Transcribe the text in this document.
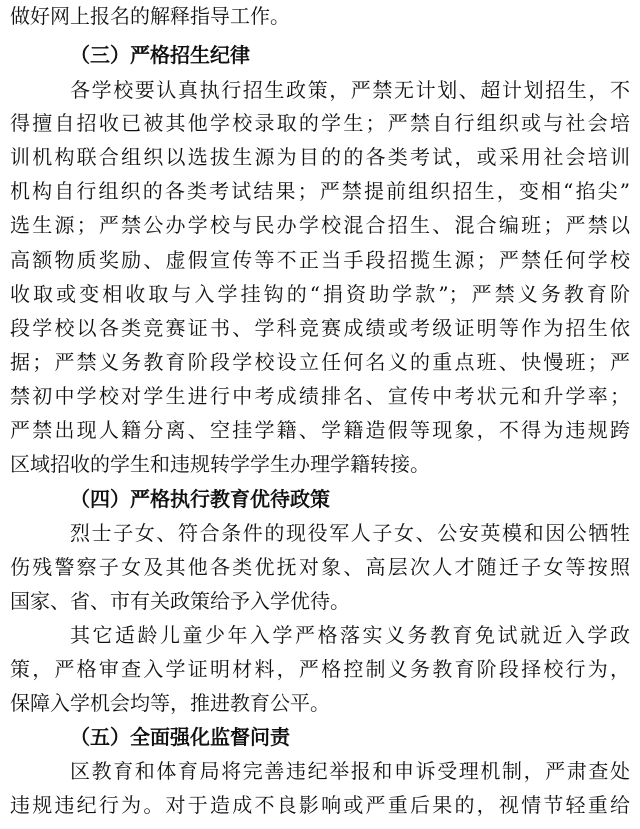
做好网上报名的解释指导工作。
（三）严格招生纪律
各学校要认真执行招生政策，严禁无计划、超计划招生，不
得擅自招收已被其他学校录取的学生；严禁自行组织或与社会培
训机构联合组织以选拔生源为目的的各类考试，或采用社会培训
机构自行组织的各类考试结果；严禁提前组织招生，变相“掐尖”
选生源；严禁公办学校与民办学校混合招生、混合编班；严禁以
高额物质奖励、虚假宣传等不正当手段招揽生源；严禁任何学校
收取或变相收取与入学挂钩的“捐资助学款”；严禁义务教育阶
段学校以各类竞赛证书、学科竞赛成绩或考级证明等作为招生依
据；严禁义务教育阶段学校设立任何名义的重点班、快慢班；严
禁初中学校对学生进行中考成绩排名、宣传中考状元和升学率；
严禁出现人籍分离、空挂学籍、学籍造假等现象，不得为违规跨
区域招收的学生和违规转学学生办理学籍转接。
（四）严格执行教育优待政策
烈士子女、符合条件的现役军人子女、公安英模和因公牺牲
伤残警察子女及其他各类优抚对象、高层次人才随迁子女等按照
国家、省、市有关政策给予入学优待。
其它适龄儿童少年入学严格落实义务教育免试就近入学政
策，严格审查入学证明材料，严格控制义务教育阶段择校行为，
保障入学机会均等，推进教育公平。
（五）全面强化监督问责
区教育和体育局将完善违纪举报和申诉受理机制，严肃查处
违规违纪行为。对于造成不良影响或严重后果的，视情节轻重给
